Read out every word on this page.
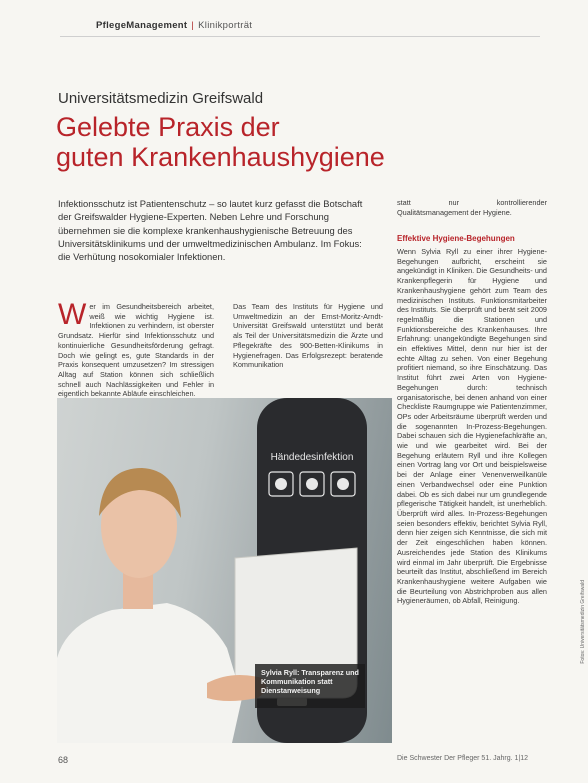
PflegeManagement | Klinikporträt
Universitätsmedizin Greifswald
Gelebte Praxis der
guten Krankenhaushygiene

Infektionsschutz ist Patientenschutz – so lautet kurz gefasst die Botschaft der Greifswalder Hygiene-Experten. Neben Lehre und Forschung übernehmen sie die komplexe krankenhaushygienische Betreuung des Universitätsklinikums und der umweltmedizinischen Ambulanz. Im Fokus: die Verhütung nosokomialer Infektionen.

Wer im Gesundheitsbereich arbeitet, weiß wie wichtig Hygiene ist. Infektionen zu verhindern, ist oberster Grundsatz. Hierfür sind Infektionsschutz und kontinuierliche Gesundheitsförderung gefragt. Doch wie gelingt es, gute Standards in der Praxis konsequent umzusetzen? Im stressigen Alltag auf Station können sich schließlich schnell auch Nachlässigkeiten und Fehler in eigentlich bekannte Abläufe einschleichen.

Das Team des Instituts für Hygiene und Umweltmedizin an der Ernst-Moritz-Arndt-Universität Greifswald unterstützt und berät als Teil der Universitätsmedizin die Ärzte und Pflegekräfte des 900-Betten-Klinikums in Hygienefragen. Das Erfolgsrezept: beratende Kommunikation

statt nur kontrollierender Qualitätsmanagement der Hygiene.

Effektive Hygiene-Begehungen

Wenn Sylvia Ryll zu einer ihrer Hygiene-Begehungen aufbricht, erscheint sie angekündigt in Kliniken. Die Gesundheits- und Krankenpflegerin für Hygiene und Krankenhaushygiene gehört zum Team des medizinischen Instituts. Funktionsmitarbeiter des Instituts. Sie überprüft und berät seit 2009 regelmäßig die Stationen und Funktionsbereiche des Krankenhauses. Ihre Erfahrung: unangekündigte Begehungen sind ein effektives Mittel, denn nur hier ist der echte Alltag zu sehen. Von einer Begehung profitiert niemand, so ihre Einschätzung. Das Institut führt zwei Arten von Hygiene-Begehungen durch: technisch organisatorische, bei denen anhand von einer Checkliste Raumgruppe wie Patientenzimmer, OPs oder Arbeitsräume überprüft werden und die sogenannten In-Prozess-Begehungen. Dabei schauen sich die Hygienefachkräfte an, wie und wie gearbeitet wird. Bei der Begehung erläutern Ryll und ihre Kollegen einen Vortrag lang vor Ort und beispielsweise bei der Anlage einer Venenverweilkanüle einen Verbandwechsel oder eine Punktion dabei. Ob es sich dabei nur um grundlegende pflegerische Tätigkeit handelt, ist unerheblich. Überprüft wird alles. In-Prozess-Begehungen seien besonders effektiv, berichtet Sylvia Ryll, denn hier zeigen sich Kenntnisse, die sich mit der Zeit eingeschlichen haben können. Ausreichendes jede Station des Klinikums wird einmal im Jahr überprüft. Die Ergebnisse beurteilt das Institut, abschließend im Bereich Krankenhaushygiene weitere Aufgaben wie die Beurteilung von Abstrichproben aus allen Hygieneräumen, ob Abfall, Reinigung.

Händedesinfektion
Sylvia Ryll: Transparenz und Kommunikation statt Dienstanweisung
Fotos: Universitätsmedizin Greifswald
68	Die Schwester Der Pfleger 51. Jahrg. 1|12
